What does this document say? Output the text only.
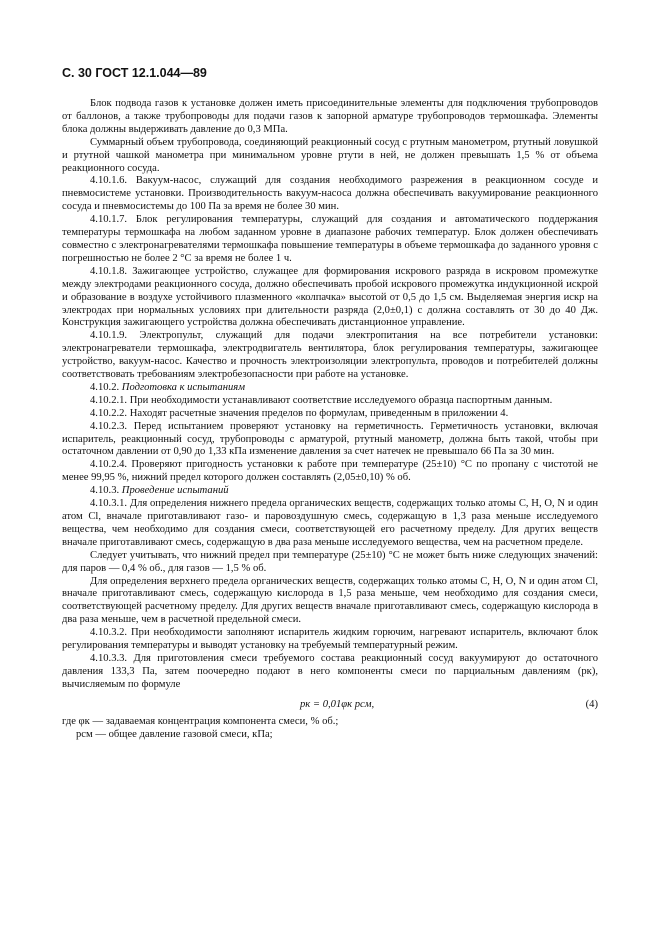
С. 30 ГОСТ 12.1.044—89

Блок подвода газов к установке должен иметь присоединительные элементы для подключения трубопроводов от баллонов, а также трубопроводы для подачи газов к запорной арматуре трубопроводов термошкафа. Элементы блока должны выдерживать давление до 0,3 МПа.

Суммарный объем трубопровода, соединяющий реакционный сосуд с ртутным манометром, ртутный ловушкой и ртутной чашкой манометра при минимальном уровне ртути в ней, не должен превышать 1,5 % от объема реакционного сосуда.

4.10.1.6. Вакуум-насос, служащий для создания необходимого разрежения в реакционном сосуде и пневмосистеме установки. Производительность вакуум-насоса должна обеспечивать вакуумирование реакционного сосуда и пневмосистемы до 100 Па за время не более 30 мин.

4.10.1.7. Блок регулирования температуры, служащий для создания и автоматического поддержания температуры термошкафа на любом заданном уровне в диапазоне рабочих температур. Блок должен обеспечивать совместно с электронагревателями термошкафа повышение температуры в объеме термошкафа до заданного уровня с погрешностью не более 2 °С за время не более 1 ч.

4.10.1.8. Зажигающее устройство, служащее для формирования искрового разряда в искровом промежутке между электродами реакционного сосуда, должно обеспечивать пробой искрового промежутка индукционной искрой и образование в воздухе устойчивого плазменного «колпачка» высотой от 0,5 до 1,5 см. Выделяемая энергия искр на электродах при нормальных условиях при длительности разряда (2,0±0,1) с должна составлять от 30 до 40 Дж. Конструкция зажигающего устройства должна обеспечивать дистанционное управление.

4.10.1.9. Электропульт, служащий для подачи электропитания на все потребители установки: электронагреватели термошкафа, электродвигатель вентилятора, блок регулирования температуры, зажигающее устройство, вакуум-насос. Качество и прочность электроизоляции электропульта, проводов и потребителей должны соответствовать требованиям электробезопасности при работе на установке.

4.10.2. Подготовка к испытаниям

4.10.2.1. При необходимости устанавливают соответствие исследуемого образца паспортным данным.

4.10.2.2. Находят расчетные значения пределов по формулам, приведенным в приложении 4.

4.10.2.3. Перед испытанием проверяют установку на герметичность. Герметичность установки, включая испаритель, реакционный сосуд, трубопроводы с арматурой, ртутный манометр, должна быть такой, чтобы при остаточном давлении от 0,90 до 1,33 кПа изменение давления за счет натечек не превышало 66 Па за 30 мин.

4.10.2.4. Проверяют пригодность установки к работе при температуре (25±10) °С по пропану с чистотой не менее 99,95 %, нижний предел которого должен составлять (2,05±0,10) % об.

4.10.3. Проведение испытаний

4.10.3.1. Для определения нижнего предела органических веществ, содержащих только атомы С, Н, О, N и один атом Cl, вначале приготавливают газо- и паровоздушную смесь, содержащую в 1,3 раза меньше исследуемого вещества, чем необходимо для создания смеси, соответствующей его расчетному пределу. Для других веществ вначале приготавливают смесь, содержащую в два раза меньше исследуемого вещества, чем на расчетном пределе.

Следует учитывать, что нижний предел при температуре (25±10) °С не может быть ниже следующих значений: для паров — 0,4 % об., для газов — 1,5 % об.

Для определения верхнего предела органических веществ, содержащих только атомы С, Н, О, N и один атом Cl, вначале приготавливают смесь, содержащую кислорода в 1,5 раза меньше, чем необходимо для создания смеси, соответствующей расчетному пределу. Для других веществ вначале приготавливают смесь, содержащую кислорода в два раза меньше, чем в расчетной предельной смеси.

4.10.3.2. При необходимости заполняют испаритель жидким горючим, нагревают испаритель, включают блок регулирования температуры и выводят установку на требуемый температурный режим.

4.10.3.3. Для приготовления смеси требуемого состава реакционный сосуд вакуумируют до остаточного давления 133,3 Па, затем поочередно подают в него компоненты смеси по парциальным давлениям (pк), вычисляемым по формуле

pк = 0,01φк pсм,	(4)

где φк — задаваемая концентрация компонента смеси, % об.;

pсм — общее давление газовой смеси, кПа;
